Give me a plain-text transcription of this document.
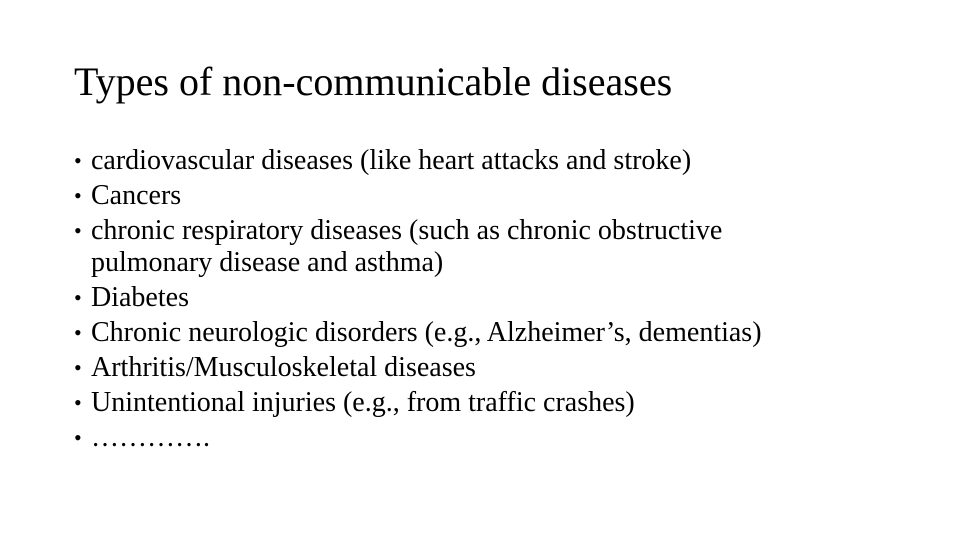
Types of non-communicable diseases
• cardiovascular diseases (like heart attacks and stroke)
• Cancers
• chronic respiratory diseases (such as chronic obstructive
pulmonary disease and asthma)
• Diabetes
• Chronic neurologic disorders (e.g., Alzheimer’s, dementias)
• Arthritis/Musculoskeletal diseases
• Unintentional injuries (e.g., from traffic crashes)
• ………….
